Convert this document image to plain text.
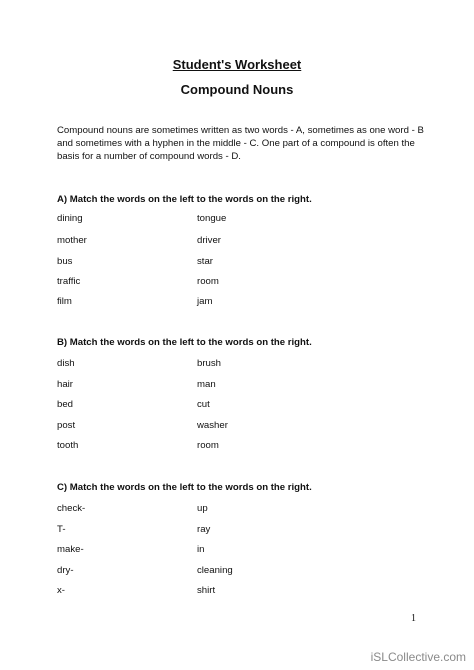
Student's Worksheet
Compound Nouns
Compound nouns are sometimes written as two words - A, sometimes as one word - B and sometimes with a hyphen in the middle - C. One part of a compound is often the basis for a number of compound words - D.
A) Match the words on the left to the words on the right.
dining	tongue
mother	driver
bus	star
traffic	room
film	jam
B) Match the words on the left to the words on the right.
dish	brush
hair	man
bed	cut
post	washer
tooth	room
C) Match the words on the left to the words on the right.
check-	up
T-	ray
make-	in
dry-	cleaning
x-	shirt
1
iSLCollective.com
